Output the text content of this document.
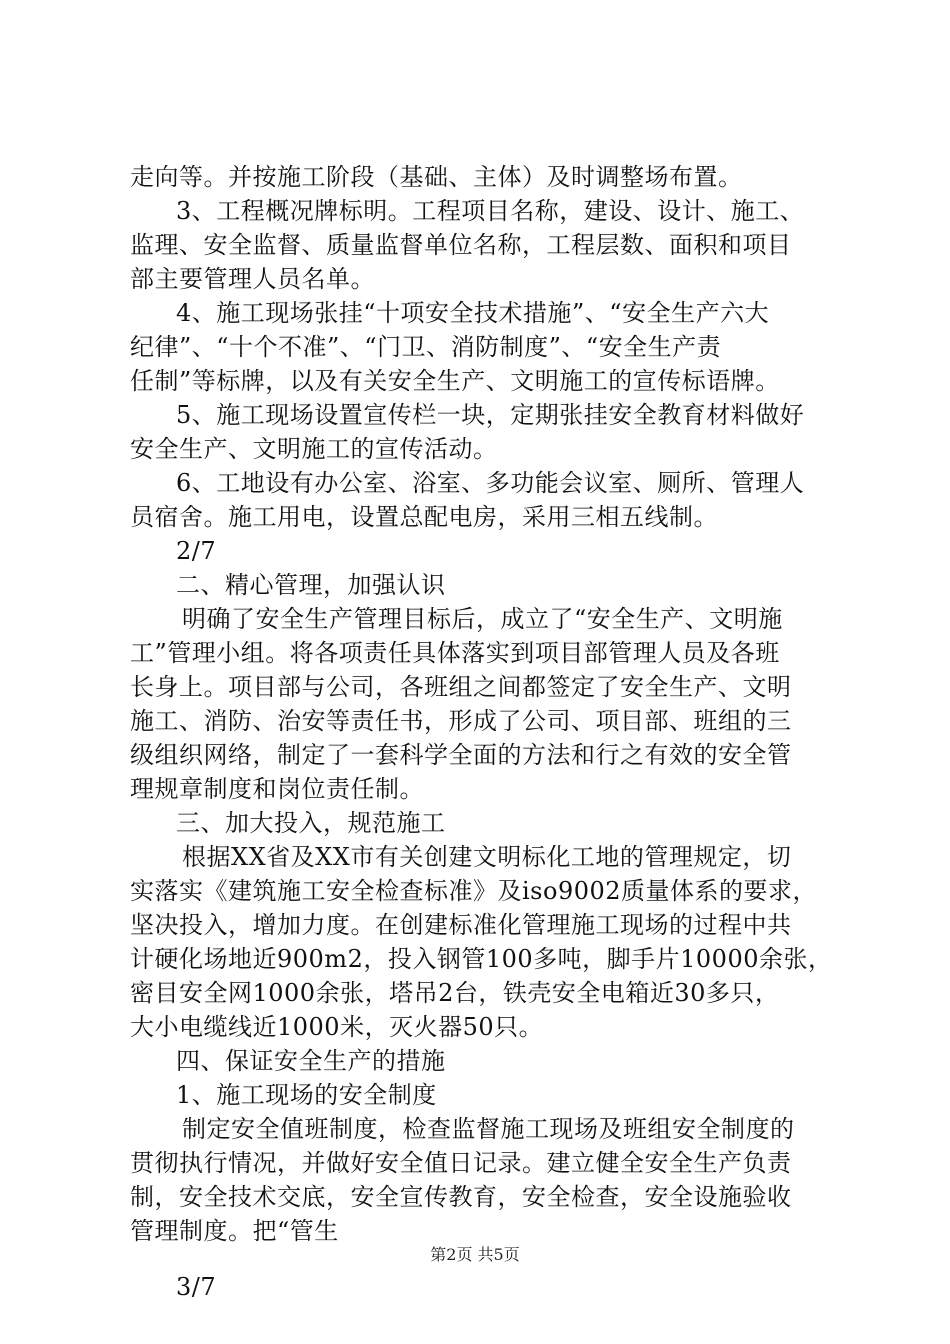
走向等。并按施工阶段（基础、主体）及时调整场布置。
3、工程概况牌标明。工程项目名称，建设、设计、施工、
监理、安全监督、质量监督单位名称，工程层数、面积和项目
部主要管理人员名单。
4、施工现场张挂“十项安全技术措施”、“安全生产六大
纪律”、“十个不准”、“门卫、消防制度”、“安全生产责
任制”等标牌，以及有关安全生产、文明施工的宣传标语牌。
5、施工现场设置宣传栏一块，定期张挂安全教育材料做好
安全生产、文明施工的宣传活动。
6、工地设有办公室、浴室、多功能会议室、厕所、管理人
员宿舍。施工用电，设置总配电房，采用三相五线制。
2/7
二、精心管理，加强认识
明确了安全生产管理目标后，成立了“安全生产、文明施
工”管理小组。将各项责任具体落实到项目部管理人员及各班
长身上。项目部与公司，各班组之间都签定了安全生产、文明
施工、消防、治安等责任书，形成了公司、项目部、班组的三
级组织网络，制定了一套科学全面的方法和行之有效的安全管
理规章制度和岗位责任制。
三、加大投入，规范施工
根据XX省及XX市有关创建文明标化工地的管理规定，切
实落实《建筑施工安全检查标准》及iso9002质量体系的要求，
坚决投入，增加力度。在创建标准化管理施工现场的过程中共
计硬化场地近900m2，投入钢管100多吨，脚手片10000余张，
密目安全网1000余张，塔吊2台，铁壳安全电箱近30多只，
大小电缆线近1000米，灭火器50只。
四、保证安全生产的措施
1、施工现场的安全制度
制定安全值班制度，检查监督施工现场及班组安全制度的
贯彻执行情况，并做好安全值日记录。建立健全安全生产负责
制，安全技术交底，安全宣传教育，安全检查，安全设施验收
管理制度。把“管生
3/7
第2页 共5页
